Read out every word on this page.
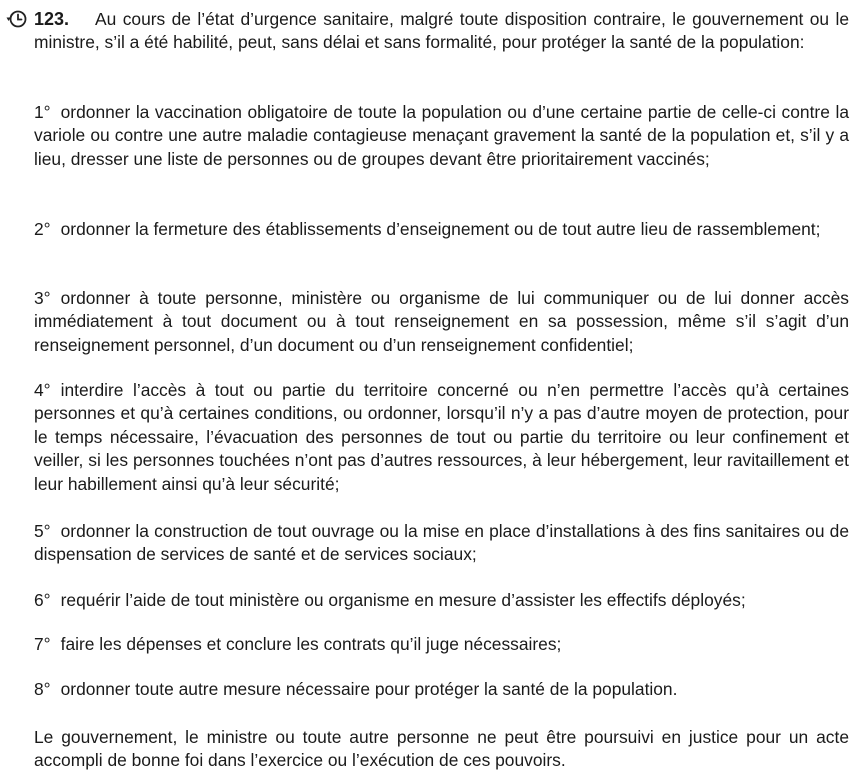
123. Au cours de l’état d’urgence sanitaire, malgré toute disposition contraire, le gouvernement ou le ministre, s’il a été habilité, peut, sans délai et sans formalité, pour protéger la santé de la population:

1° ordonner la vaccination obligatoire de toute la population ou d’une certaine partie de celle-ci contre la variole ou contre une autre maladie contagieuse menaçant gravement la santé de la population et, s’il y a lieu, dresser une liste de personnes ou de groupes devant être prioritairement vaccinés;

2° ordonner la fermeture des établissements d’enseignement ou de tout autre lieu de rassemblement;

3° ordonner à toute personne, ministère ou organisme de lui communiquer ou de lui donner accès immédiatement à tout document ou à tout renseignement en sa possession, même s’il s’agit d’un renseignement personnel, d’un document ou d’un renseignement confidentiel;

4° interdire l’accès à tout ou partie du territoire concerné ou n’en permettre l’accès qu’à certaines personnes et qu’à certaines conditions, ou ordonner, lorsqu’il n’y a pas d’autre moyen de protection, pour le temps nécessaire, l’évacuation des personnes de tout ou partie du territoire ou leur confinement et veiller, si les personnes touchées n’ont pas d’autres ressources, à leur hébergement, leur ravitaillement et leur habillement ainsi qu’à leur sécurité;

5° ordonner la construction de tout ouvrage ou la mise en place d’installations à des fins sanitaires ou de dispensation de services de santé et de services sociaux;

6° requérir l’aide de tout ministère ou organisme en mesure d’assister les effectifs déployés;

7° faire les dépenses et conclure les contrats qu’il juge nécessaires;

8° ordonner toute autre mesure nécessaire pour protéger la santé de la population.

Le gouvernement, le ministre ou toute autre personne ne peut être poursuivi en justice pour un acte accompli de bonne foi dans l’exercice ou l’exécution de ces pouvoirs.
